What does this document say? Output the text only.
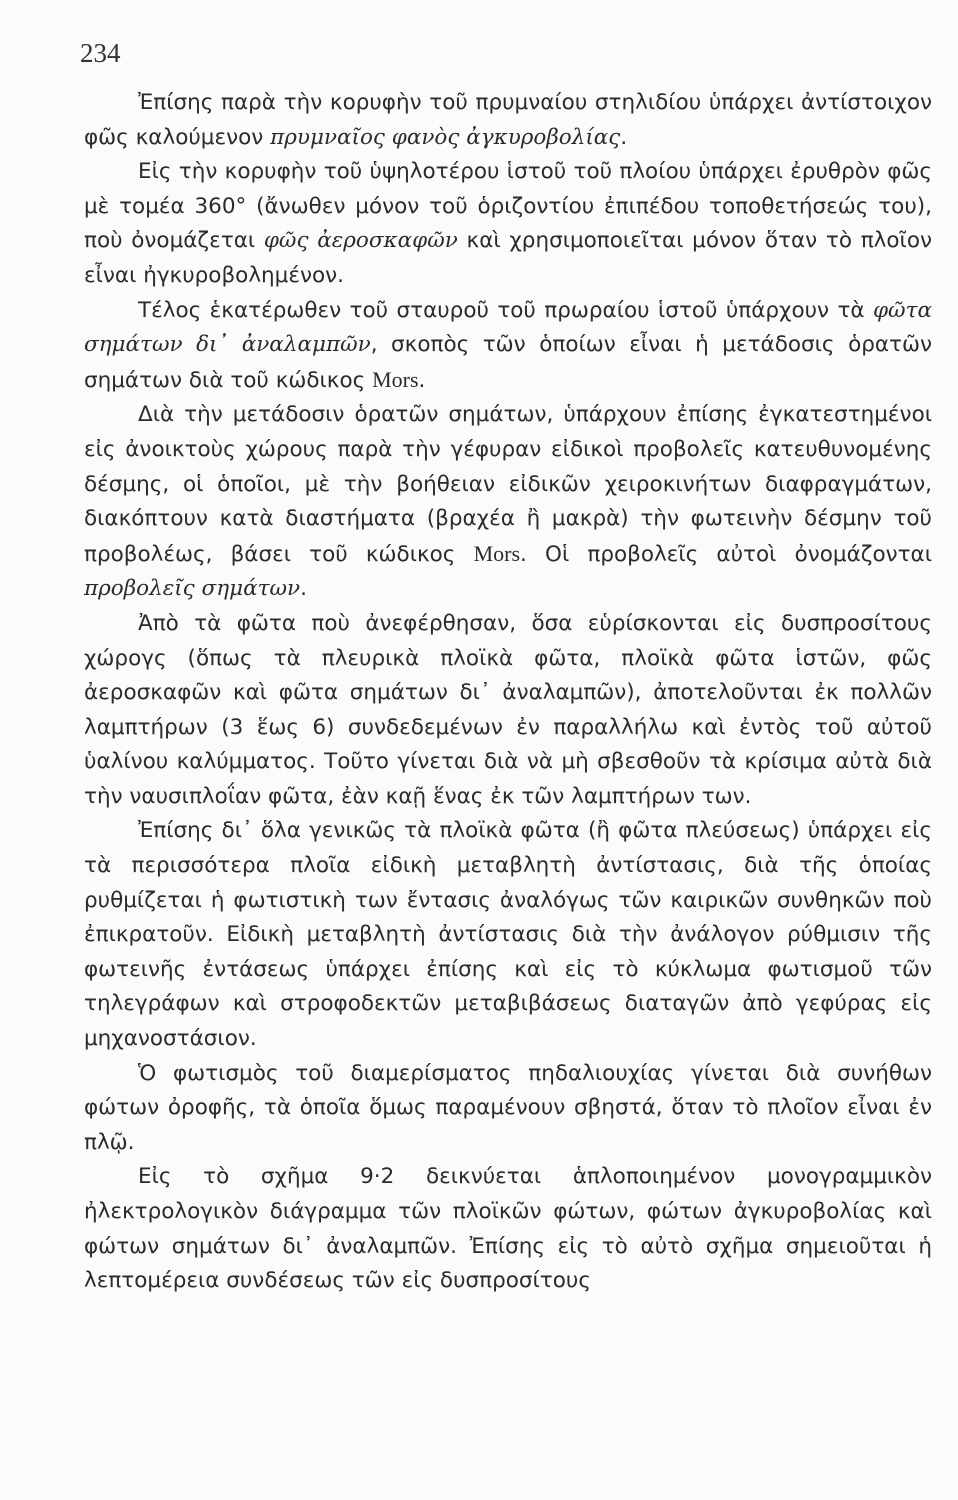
234

Ἐπίσης παρὰ τὴν κορυφὴν τοῦ πρυμναίου στηλιδίου ὑπάρχει ἀντίστοιχον φῶς καλούμενον πρυμναῖος φανὸς ἀγκυροβολίας.

Εἰς τὴν κορυφὴν τοῦ ὑψηλοτέρου ἱστοῦ τοῦ πλοίου ὑπάρχει ἐρυθρὸν φῶς μὲ τομέα 360° (ἄνωθεν μόνον τοῦ ὁριζοντίου ἐπιπέδου τοποθετήσεώς του), ποὺ ὀνομάζεται φῶς ἀεροσκαφῶν καὶ χρησιμοποιεῖται μόνον ὅταν τὸ πλοῖον εἶναι ἠγκυροβολημένον.

Τέλος ἑκατέρωθεν τοῦ σταυροῦ τοῦ πρωραίου ἱστοῦ ὑπάρχουν τὰ φῶτα σημάτων δι᾽ ἀναλαμπῶν, σκοπὸς τῶν ὁποίων εἶναι ἡ μετάδοσις ὁρατῶν σημάτων διὰ τοῦ κώδικος Mors.

Διὰ τὴν μετάδοσιν ὁρατῶν σημάτων, ὑπάρχουν ἐπίσης ἐγκατεστημένοι εἰς ἀνοικτοὺς χώρους παρὰ τὴν γέφυραν εἰδικοὶ προβολεῖς κατευθυνομένης δέσμης, οἱ ὁποῖοι, μὲ τὴν βοήθειαν εἰδικῶν χειροκινήτων διαφραγμάτων, διακόπτουν κατὰ διαστήματα (βραχέα ἢ μακρὰ) τὴν φωτεινὴν δέσμην τοῦ προβολέως, βάσει τοῦ κώδικος Mors. Οἱ προβολεῖς αὐτοὶ ὀνομάζονται προβολεῖς σημάτων.

Ἀπὸ τὰ φῶτα ποὺ ἀνεφέρθησαν, ὅσα εὑρίσκονται εἰς δυσπροσίτους χώρογς (ὅπως τὰ πλευρικὰ πλοϊκὰ φῶτα, πλοϊκὰ φῶτα ἱστῶν, φῶς ἀεροσκαφῶν καὶ φῶτα σημάτων δι᾽ ἀναλαμπῶν), ἀποτελοῦνται ἐκ πολλῶν λαμπτήρων (3 ἕως 6) συνδεδεμένων ἐν παραλλήλω καὶ ἐντὸς τοῦ αὐτοῦ ὑαλίνου καλύμματος. Τοῦτο γίνεται διὰ νὰ μὴ σβεσθοῦν τὰ κρίσιμα αὐτὰ διὰ τὴν ναυσιπλοΐαν φῶτα, ἐὰν καῇ ἕνας ἐκ τῶν λαμπτήρων των.

Ἐπίσης δι᾽ ὅλα γενικῶς τὰ πλοϊκὰ φῶτα (ἢ φῶτα πλεύσεως) ὑπάρχει εἰς τὰ περισσότερα πλοῖα εἰδικὴ μεταβλητὴ ἀντίστασις, διὰ τῆς ὁποίας ρυθμίζεται ἡ φωτιστικὴ των ἔντασις ἀναλόγως τῶν καιρικῶν συνθηκῶν ποὺ ἐπικρατοῦν. Εἰδικὴ μεταβλητὴ ἀντίστασις διὰ τὴν ἀνάλογον ρύθμισιν τῆς φωτεινῆς ἐντάσεως ὑπάρχει ἐπίσης καὶ εἰς τὸ κύκλωμα φωτισμοῦ τῶν τηλεγράφων καὶ στροφοδεκτῶν μεταβιβάσεως διαταγῶν ἀπὸ γεφύρας εἰς μηχανοστάσιον.

Ὁ φωτισμὸς τοῦ διαμερίσματος πηδαλιουχίας γίνεται διὰ συνήθων φώτων ὀροφῆς, τὰ ὁποῖα ὅμως παραμένουν σβηστά, ὅταν τὸ πλοῖον εἶναι ἐν πλῷ.

Εἰς τὸ σχῆμα 9·2 δεικνύεται ἁπλοποιημένον μονογραμμικὸν ἠλεκτρολογικὸν διάγραμμα τῶν πλοϊκῶν φώτων, φώτων ἀγκυροβολίας καὶ φώτων σημάτων δι᾽ ἀναλαμπῶν. Ἐπίσης εἰς τὸ αὐτὸ σχῆμα σημειοῦται ἡ λεπτομέρεια συνδέσεως τῶν εἰς δυσπροσίτους
